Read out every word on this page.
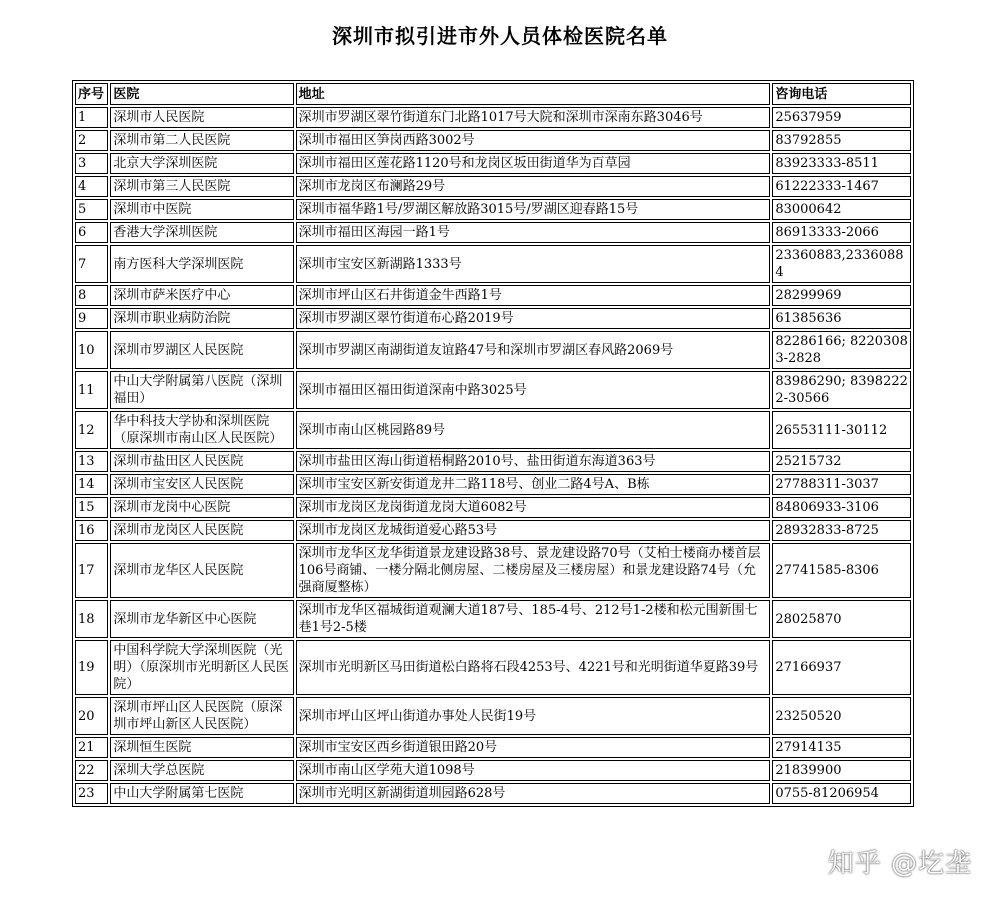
深圳市拟引进市外人员体检医院名单
序号	医院	地址	咨询电话
1	深圳市人民医院	深圳市罗湖区翠竹街道东门北路1017号大院和深圳市深南东路3046号	25637959
2	深圳市第二人民医院	深圳市福田区笋岗西路3002号	83792855
3	北京大学深圳医院	深圳市福田区莲花路1120号和龙岗区坂田街道华为百草园	83923333-8511
4	深圳市第三人民医院	深圳市龙岗区布澜路29号	61222333-1467
5	深圳市中医院	深圳市福华路1号/罗湖区解放路3015号/罗湖区迎春路15号	83000642
6	香港大学深圳医院	深圳市福田区海园一路1号	86913333-2066
7	南方医科大学深圳医院	深圳市宝安区新湖路1333号	23360883,23360884
8	深圳市萨米医疗中心	深圳市坪山区石井街道金牛西路1号	28299969
9	深圳市职业病防治院	深圳市罗湖区翠竹街道布心路2019号	61385636
10	深圳市罗湖区人民医院	深圳市罗湖区南湖街道友谊路47号和深圳市罗湖区春风路2069号	82286166; 82203083-2828
11	中山大学附属第八医院（深圳福田）	深圳市福田区福田街道深南中路3025号	83986290; 83982222-30566
12	华中科技大学协和深圳医院（原深圳市南山区人民医院）	深圳市南山区桃园路89号	26553111-30112
13	深圳市盐田区人民医院	深圳市盐田区海山街道梧桐路2010号、盐田街道东海道363号	25215732
14	深圳市宝安区人民医院	深圳市宝安区新安街道龙井二路118号、创业二路4号A、B栋	27788311-3037
15	深圳市龙岗中心医院	深圳市龙岗区龙岗街道龙岗大道6082号	84806933-3106
16	深圳市龙岗区人民医院	深圳市龙岗区龙城街道爱心路53号	28932833-8725
17	深圳市龙华区人民医院	深圳市龙华区龙华街道景龙建设路38号、景龙建设路70号（艾柏士楼商办楼首层106号商铺、一楼分隔北侧房屋、二楼房屋及三楼房屋）和景龙建设路74号（允强商厦整栋）	27741585-8306
18	深圳市龙华新区中心医院	深圳市龙华区福城街道观澜大道187号、185-4号、212号1-2楼和松元围新围七巷1号2-5楼	28025870
19	中国科学院大学深圳医院（光明）（原深圳市光明新区人民医院）	深圳市光明新区马田街道松白路将石段4253号、4221号和光明街道华夏路39号	27166937
20	深圳市坪山区人民医院（原深圳市坪山新区人民医院）	深圳市坪山区坪山街道办事处人民街19号	23250520
21	深圳恒生医院	深圳市宝安区西乡街道银田路20号	27914135
22	深圳大学总医院	深圳市南山区学苑大道1098号	21839900
23	中山大学附属第七医院	深圳市光明区新湖街道圳园路628号	0755-81206954
知乎 @圪垄
